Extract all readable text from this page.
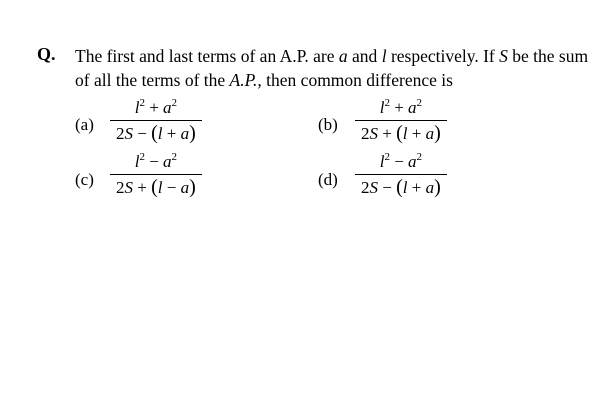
Q. The first and last terms of an A.P. are a and l respectively. If S be the sum of all the terms of the A.P., then common difference is
(a)
$l^2 + a^2$
2S − (l + a)	(b)
$l^2 + a^2$
2S + (l + a)
(c)
$l^2 - a^2$
2S + (l − a)	(d)
$l^2 - a^2$
2S − (l + a)
